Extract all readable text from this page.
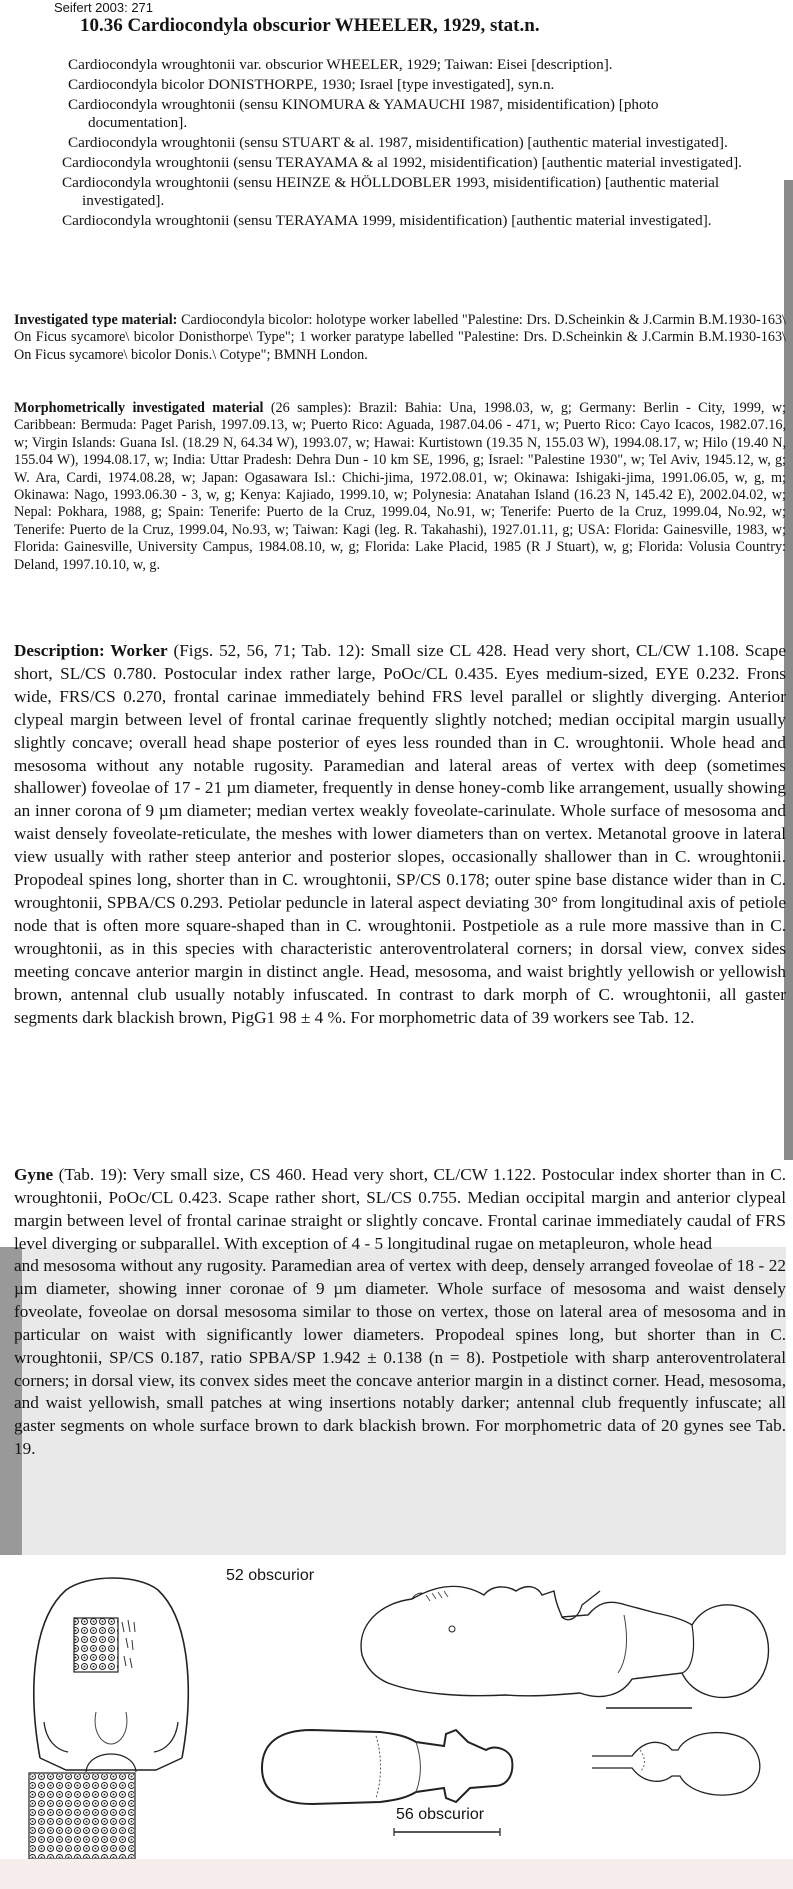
Seifert 2003: 271
10.36 Cardiocondyla obscurior WHEELER, 1929, stat.n.

Cardiocondyla wroughtonii var. obscurior WHEELER, 1929; Taiwan: Eisei [description].

Cardiocondyla bicolor DONISTHORPE, 1930; Israel [type investigated], syn.n.

Cardiocondyla wroughtonii (sensu KINOMURA & YAMAUCHI 1987, misidentification) [photo documentation].

Cardiocondyla wroughtonii (sensu STUART & al. 1987, misidentification) [authentic material investigated].

Cardiocondyla wroughtonii (sensu TERAYAMA & al 1992, misidentification) [authentic material investigated].

Cardiocondyla wroughtonii (sensu HEINZE & HÖLLDOBLER 1993, misidentification) [authentic material investigated].

Cardiocondyla wroughtonii (sensu TERAYAMA 1999, misidentification) [authentic material investigated].

Investigated type material: Cardiocondyla bicolor: holotype worker labelled "Palestine: Drs. D.Scheinkin & J.Carmin B.M.1930-163\ On Ficus sycamore\ bicolor Donisthorpe\ Type"; 1 worker paratype labelled "Palestine: Drs. D.Scheinkin & J.Carmin B.M.1930-163\ On Ficus sycamore\ bicolor Donis.\ Cotype"; BMNH London.
Morphometrically investigated material (26 samples): Brazil: Bahia: Una, 1998.03, w, g; Germany: Berlin - City, 1999, w; Caribbean: Bermuda: Paget Parish, 1997.09.13, w; Puerto Rico: Aguada, 1987.04.06 - 471, w; Puerto Rico: Cayo Icacos, 1982.07.16, w; Virgin Islands: Guana Isl. (18.29 N, 64.34 W), 1993.07, w; Hawai: Kurtistown (19.35 N, 155.03 W), 1994.08.17, w; Hilo (19.40 N, 155.04 W), 1994.08.17, w; India: Uttar Pradesh: Dehra Dun - 10 km SE, 1996, g; Israel: "Palestine 1930", w; Tel Aviv, 1945.12, w, g; W. Ara, Cardi, 1974.08.28, w; Japan: Ogasawara Isl.: Chichi-jima, 1972.08.01, w; Okinawa: Ishigaki-jima, 1991.06.05, w, g, m; Okinawa: Nago, 1993.06.30 - 3, w, g; Kenya: Kajiado, 1999.10, w; Polynesia: Anatahan Island (16.23 N, 145.42 E), 2002.04.02, w; Nepal: Pokhara, 1988, g; Spain: Tenerife: Puerto de la Cruz, 1999.04, No.91, w; Tenerife: Puerto de la Cruz, 1999.04, No.92, w; Tenerife: Puerto de la Cruz, 1999.04, No.93, w; Taiwan: Kagi (leg. R. Takahashi), 1927.01.11, g; USA: Florida: Gainesville, 1983, w; Florida: Gainesville, University Campus, 1984.08.10, w, g; Florida: Lake Placid, 1985 (R J Stuart), w, g; Florida: Volusia Country: Deland, 1997.10.10, w, g.
Description: Worker (Figs. 52, 56, 71; Tab. 12): Small size CL 428. Head very short, CL/CW 1.108. Scape short, SL/CS 0.780. Postocular index rather large, PoOc/CL 0.435. Eyes medium-sized, EYE 0.232. Frons wide, FRS/CS 0.270, frontal carinae immediately behind FRS level parallel or slightly diverging. Anterior clypeal margin between level of frontal carinae frequently slightly notched; median occipital margin usually slightly concave; overall head shape posterior of eyes less rounded than in C. wroughtonii. Whole head and mesosoma without any notable rugosity. Paramedian and lateral areas of vertex with deep (sometimes shallower) foveolae of 17 - 21 µm diameter, frequently in dense honey-comb like arrangement, usually showing an inner corona of 9 µm diameter; median vertex weakly foveolate-carinulate. Whole surface of mesosoma and waist densely foveolate-reticulate, the meshes with lower diameters than on vertex. Metanotal groove in lateral view usually with rather steep anterior and posterior slopes, occasionally shallower than in C. wroughtonii. Propodeal spines long, shorter than in C. wroughtonii, SP/CS 0.178; outer spine base distance wider than in C. wroughtonii, SPBA/CS 0.293. Petiolar peduncle in lateral aspect deviating 30° from longitudinal axis of petiole node that is often more square-shaped than in C. wroughtonii. Postpetiole as a rule more massive than in C. wroughtonii, as in this species with characteristic anteroventrolateral corners; in dorsal view, convex sides meeting concave anterior margin in distinct angle. Head, mesosoma, and waist brightly yellowish or yellowish brown, antennal club usually notably infuscated. In contrast to dark morph of C. wroughtonii, all gaster segments dark blackish brown, PigG1 98 ± 4 %. For morphometric data of 39 workers see Tab. 12.
Gyne (Tab. 19): Very small size, CS 460. Head very short, CL/CW 1.122. Postocular index shorter than in C. wroughtonii, PoOc/CL 0.423. Scape rather short, SL/CS 0.755. Median occipital margin and anterior clypeal margin between level of frontal carinae straight or slightly concave. Frontal carinae immediately caudal of FRS level diverging or subparallel. With exception of 4 - 5 longitudinal rugae on metapleuron, whole head
and mesosoma without any rugosity. Paramedian area of vertex with deep, densely arranged foveolae of 18 - 22 µm diameter, showing inner coronae of 9 µm diameter. Whole surface of mesosoma and waist densely foveolate, foveolae on dorsal mesosoma similar to those on vertex, those on lateral area of mesosoma and in particular on waist with significantly lower diameters. Propodeal spines long, but shorter than in C. wroughtonii, SP/CS 0.187, ratio SPBA/SP 1.942 ± 0.138 (n = 8). Postpetiole with sharp anteroventrolateral corners; in dorsal view, its convex sides meet the concave anterior margin in a distinct corner. Head, mesosoma, and waist yellowish, small patches at wing insertions notably darker; antennal club frequently infuscate; all gaster segments on whole surface brown to dark blackish brown. For morphometric data of 20 gynes see Tab. 19.
52 obscurior
56 obscurior
